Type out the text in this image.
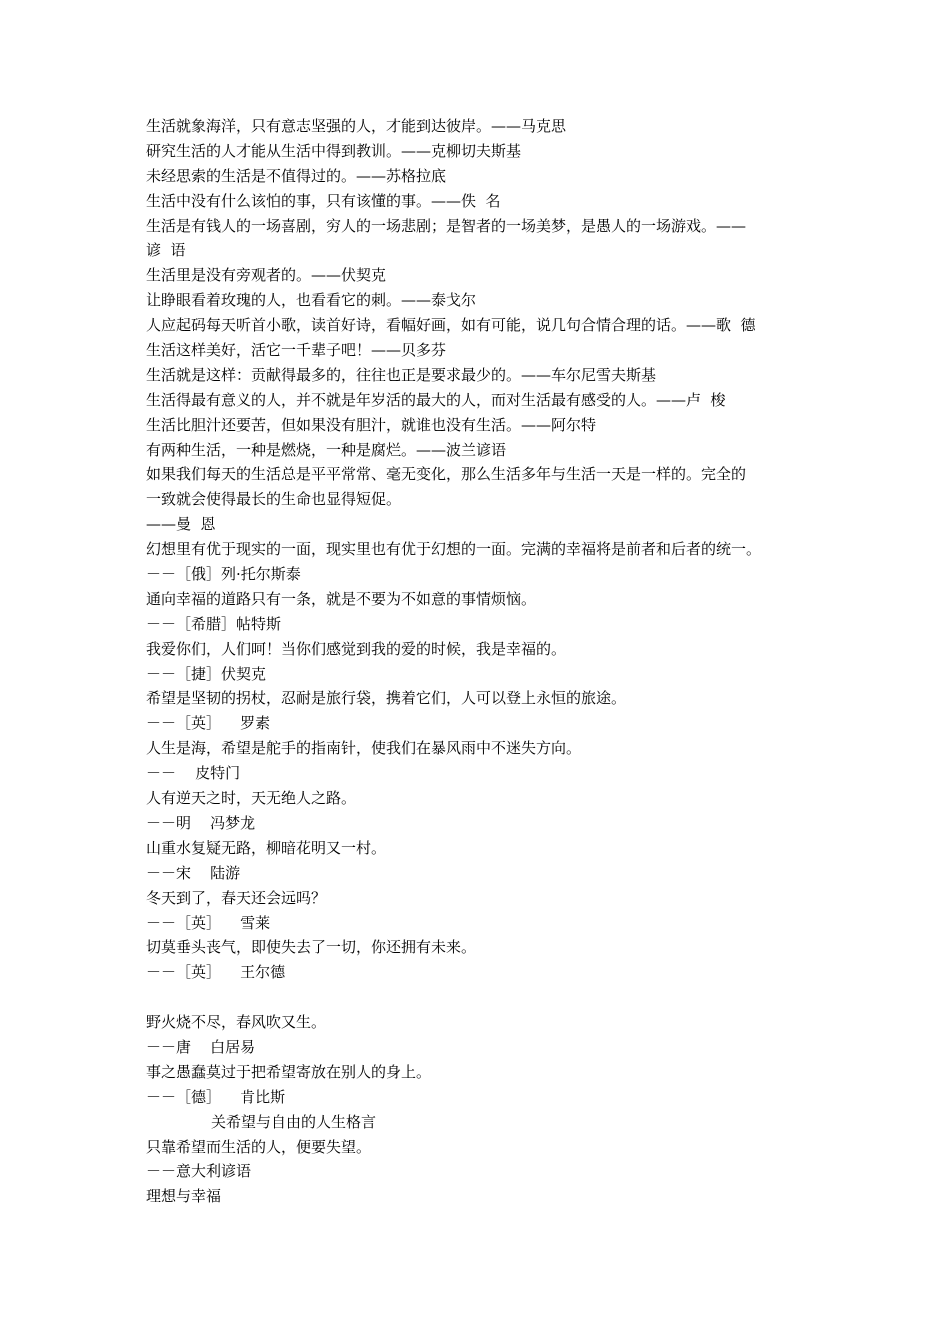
生活就象海洋，只有意志坚强的人，才能到达彼岸。——马克思
研究生活的人才能从生活中得到教训。——克柳切夫斯基
未经思索的生活是不值得过的。——苏格拉底
生活中没有什么该怕的事，只有该懂的事。——佚  名
生活是有钱人的一场喜剧，穷人的一场悲剧；是智者的一场美梦，是愚人的一场游戏。——
谚  语
生活里是没有旁观者的。——伏契克
让睁眼看着玫瑰的人，也看看它的刺。——泰戈尔
人应起码每天听首小歌，读首好诗，看幅好画，如有可能，说几句合情合理的话。——歌  德
生活这样美好，活它一千辈子吧！——贝多芬
生活就是这样：贡献得最多的，往往也正是要求最少的。——车尔尼雪夫斯基
生活得最有意义的人，并不就是年岁活的最大的人，而对生活最有感受的人。——卢  梭
生活比胆汁还要苦，但如果没有胆汁，就谁也没有生活。——阿尔特
有两种生活，一种是燃烧，一种是腐烂。——波兰谚语
如果我们每天的生活总是平平常常、毫无变化，那么生活多年与生活一天是一样的。完全的
一致就会使得最长的生命也显得短促。
——曼  恩
幻想里有优于现实的一面，现实里也有优于幻想的一面。完满的幸福将是前者和后者的统一。
－－［俄］列·托尔斯泰
通向幸福的道路只有一条，就是不要为不如意的事情烦恼。
－－［希腊］帖特斯
我爱你们，人们呵！当你们感觉到我的爱的时候，我是幸福的。
－－［捷］伏契克
希望是坚韧的拐杖，忍耐是旅行袋，携着它们，人可以登上永恒的旅途。
－－［英］    罗素
人生是海，希望是舵手的指南针，使我们在暴风雨中不迷失方向。
－－    皮特门
人有逆天之时，天无绝人之路。
－－明    冯梦龙
山重水复疑无路，柳暗花明又一村。
－－宋    陆游
冬天到了，春天还会远吗？
－－［英］    雪莱
切莫垂头丧气，即使失去了一切，你还拥有未来。
－－［英］    王尔德
野火烧不尽，春风吹又生。
－－唐    白居易
事之愚蠢莫过于把希望寄放在别人的身上。
－－［德］    肯比斯
关希望与自由的人生格言
只靠希望而生活的人，便要失望。
－－意大利谚语
理想与幸福
